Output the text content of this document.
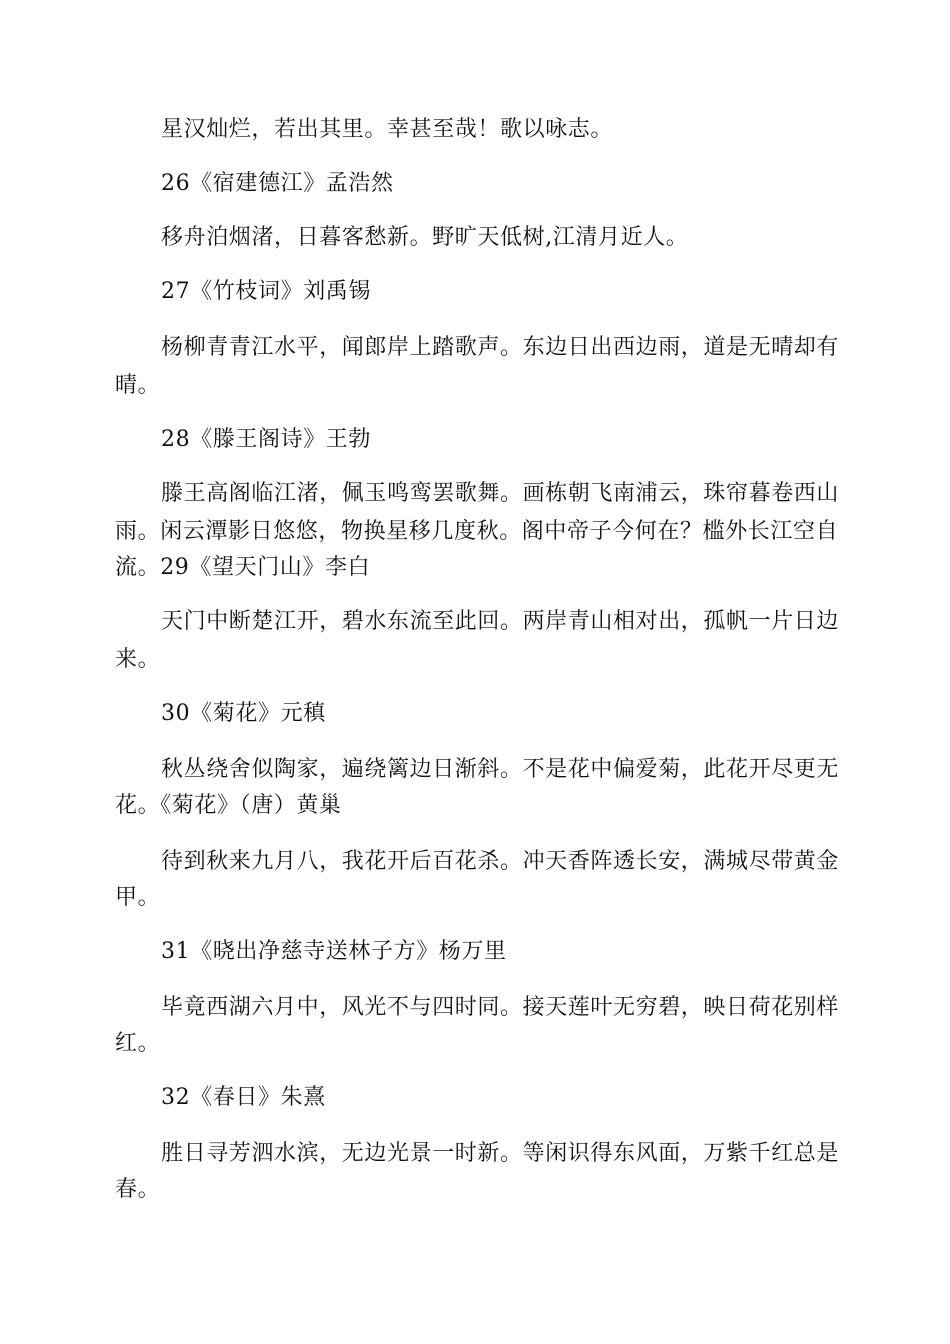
星汉灿烂，若出其里。幸甚至哉！歌以咏志。
26《宿建德江》孟浩然
移舟泊烟渚，日暮客愁新。野旷天低树,江清月近人。
27《竹枝词》刘禹锡
杨柳青青江水平，闻郎岸上踏歌声。东边日出西边雨，道是无晴却有
晴。
28《滕王阁诗》王勃
滕王高阁临江渚，佩玉鸣鸾罢歌舞。画栋朝飞南浦云，珠帘暮卷西山
雨。闲云潭影日悠悠，物换星移几度秋。阁中帝子今何在？槛外长江空自
流。29《望天门山》李白
天门中断楚江开，碧水东流至此回。两岸青山相对出，孤帆一片日边
来。
30《菊花》元稹
秋丛绕舍似陶家，遍绕篱边日渐斜。不是花中偏爱菊，此花开尽更无
花。《菊花》（唐）黄巢
待到秋来九月八，我花开后百花杀。冲天香阵透长安，满城尽带黄金
甲。
31《晓出净慈寺送林子方》杨万里
毕竟西湖六月中，风光不与四时同。接天莲叶无穷碧，映日荷花别样
红。
32《春日》朱熹
胜日寻芳泗水滨，无边光景一时新。等闲识得东风面，万紫千红总是
春。
